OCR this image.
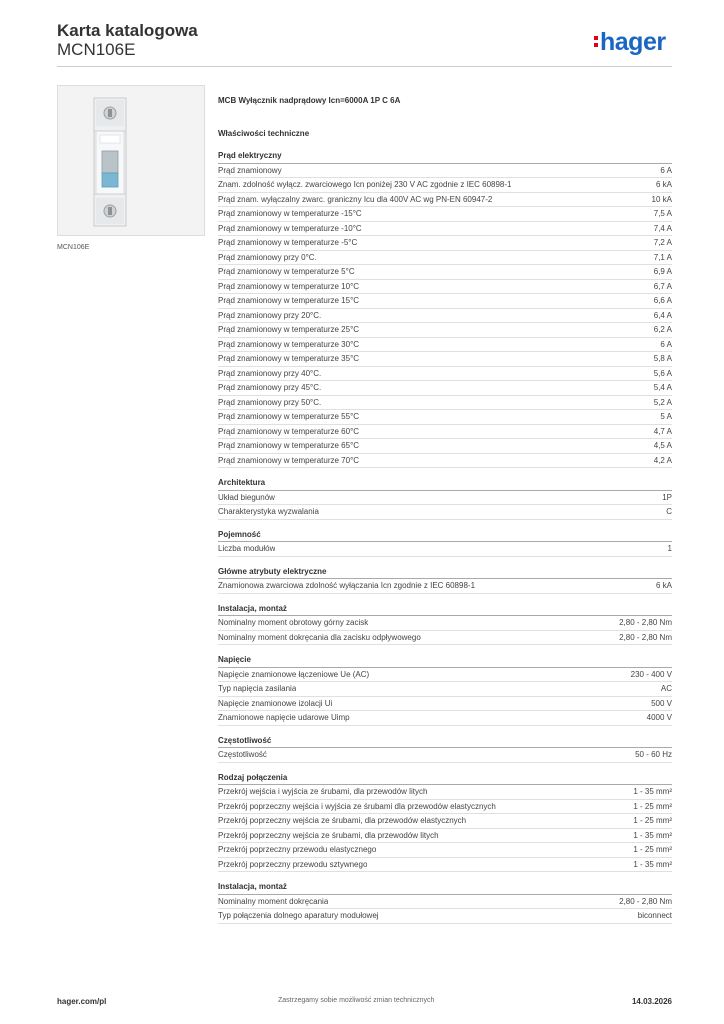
Karta katalogowa
MCN106E	hager
MCN106E
MCB Wyłącznik nadprądowy Icn=6000A 1P C 6A
Właściwości techniczne
Prąd elektryczny
Prąd znamionowy	6 A
Znam. zdolność wyłącz. zwarciowego Icn poniżej 230 V AC zgodnie z IEC 60898-1	6 kA
Prąd znam. wyłączalny zwarc. graniczny Icu dla 400V AC wg PN-EN 60947-2	10 kA
Prąd znamionowy w temperaturze -15°C	7,5 A
Prąd znamionowy w temperaturze -10°C	7,4 A
Prąd znamionowy w temperaturze -5°C	7,2 A
Prąd znamionowy przy 0°C.	7,1 A
Prąd znamionowy w temperaturze 5°C	6,9 A
Prąd znamionowy w temperaturze 10°C	6,7 A
Prąd znamionowy w temperaturze 15°C	6,6 A
Prąd znamionowy przy 20°C.	6,4 A
Prąd znamionowy w temperaturze 25°C	6,2 A
Prąd znamionowy w temperaturze 30°C	6 A
Prąd znamionowy w temperaturze 35°C	5,8 A
Prąd znamionowy przy 40°C.	5,6 A
Prąd znamionowy przy 45°C.	5,4 A
Prąd znamionowy przy 50°C.	5,2 A
Prąd znamionowy w temperaturze 55°C	5 A
Prąd znamionowy w temperaturze 60°C	4,7 A
Prąd znamionowy w temperaturze 65°C	4,5 A
Prąd znamionowy w temperaturze 70°C	4,2 A
Architektura
Układ biegunów	1P
Charakterystyka wyzwalania	C
Pojemność
Liczba modułów	1
Główne atrybuty elektryczne
Znamionowa zwarciowa zdolność wyłączania Icn zgodnie z IEC 60898-1	6 kA
Instalacja, montaż
Nominalny moment obrotowy górny zacisk	2,80 - 2,80 Nm
Nominalny moment dokręcania dla zacisku odpływowego	2,80 - 2,80 Nm
Napięcie
Napięcie znamionowe łączeniowe Ue (AC)	230 - 400 V
Typ napięcia zasilania	AC
Napięcie znamionowe izolacji Ui	500 V
Znamionowe napięcie udarowe Uimp	4000 V
Częstotliwość
Częstotliwość	50 - 60 Hz
Rodzaj połączenia
Przekrój wejścia i wyjścia ze śrubami, dla przewodów litych	1 - 35 mm²
Przekrój poprzeczny wejścia i wyjścia ze śrubami dla przewodów elastycznych	1 - 25 mm²
Przekrój poprzeczny wejścia ze śrubami, dla przewodów elastycznych	1 - 25 mm²
Przekrój poprzeczny wejścia ze śrubami, dla przewodów litych	1 - 35 mm²
Przekrój poprzeczny przewodu elastycznego	1 - 25 mm²
Przekrój poprzeczny przewodu sztywnego	1 - 35 mm²
Instalacja, montaż
Nominalny moment dokręcania	2,80 - 2,80 Nm
Typ połączenia dolnego aparatury modułowej	biconnect
hager.com/pl	Zastrzegamy sobie możliwość zmian technicznych	14.03.2026
